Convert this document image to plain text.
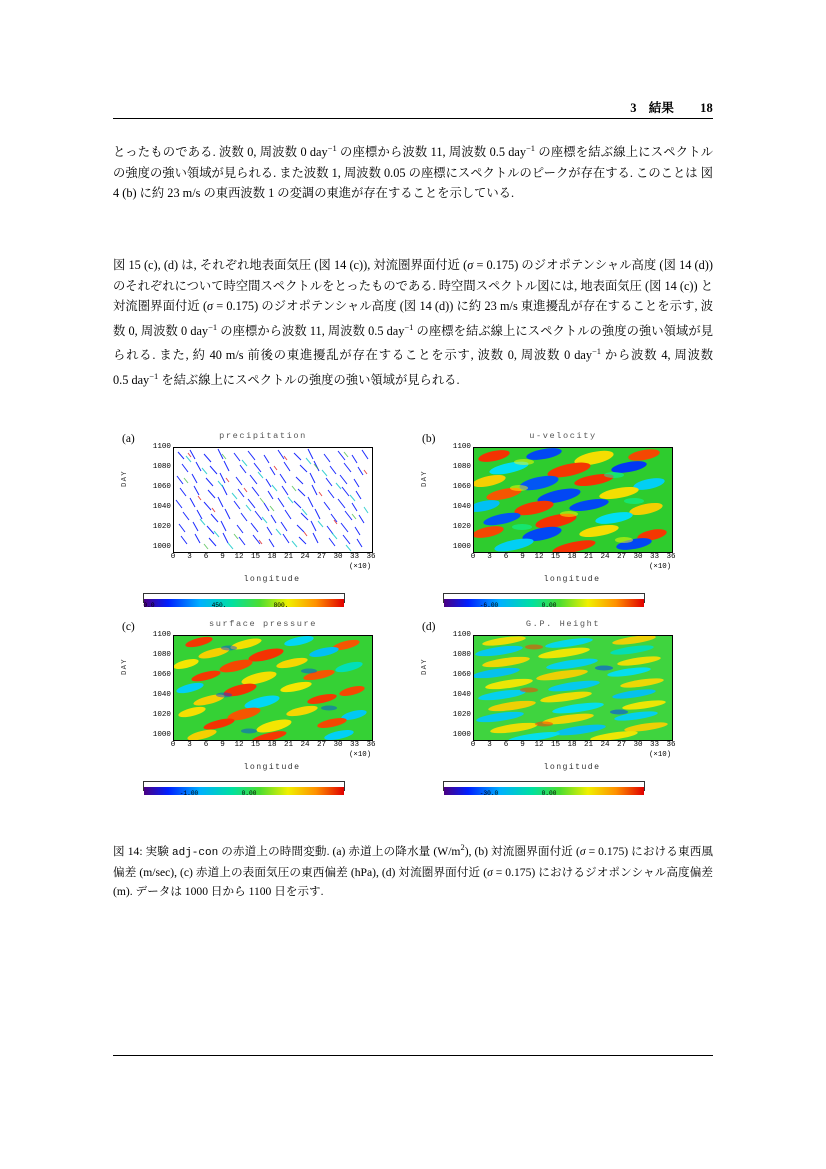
3 結果 18
とったものである. 波数 0, 周波数 0 day$^{-1}$ の座標から波数 11, 周波数 0.5 day$^{-1}$ の座標を結ぶ線上にスペクトルの強度の強い領域が見られる. また波数 1, 周波数 0.05 の座標にスペクトルのピークが存在する. このことは 図 4 (b) に約 23 m/s の東西波数 1 の変調の東進が存在することを示している.
図 15 (c), (d) は, それぞれ地表面気圧 (図 14 (c)), 対流圏界面付近 (σ = 0.175) のジオポテンシャル高度 (図 14 (d)) のそれぞれについて時空間スペクトルをとったものである. 時空間スペクトル図には, 地表面気圧 (図 14 (c)) と対流圏界面付近 (σ = 0.175) のジオポテンシャル高度 (図 14 (d)) に約 23 m/s 東進擾乱が存在することを示す, 波数 0, 周波数 0 day$^{-1}$ の座標から波数 11, 周波数 0.5 day$^{-1}$ の座標を結ぶ線上にスペクトルの強度の強い領域が見られる. また, 約 40 m/s 前後の東進擾乱が存在することを示す, 波数 0, 周波数 0 day$^{-1}$ から波数 4, 周波数 0.5 day$^{-1}$ を結ぶ線上にスペクトルの強度の強い領域が見られる.
(a)	precipitation
1100
1080
1060
1040
1020
1000
DAY
0	3	6	9	12 15 18 21 24 27 30 33 36
(×10)
longitude
0.0	450.	800.
(b)	u-velocity
1100
1080
1060
1040
1020
1000
DAY
0	3	6	9	12 15 18 21 24 27 30 33 36
(×10)
longitude
-6.00	0.00
(c)	surface pressure
1100
1080
1060
1040
1020
1000
DAY
0	3	6	9	12 15 18 21 24 27 30 33 36
(×10)
longitude
-1.00	0.00
(d)	G.P. Height
1100
1080
1060
1040
1020
1000
DAY
0	3	6	9	12 15 18 21 24 27 30 33 36
(×10)
longitude
-30.0	0.00
図 14: 実験 adj-con の赤道上の時間変動. (a) 赤道上の降水量 $(W/m^2)$, (b) 対流圏界面付近 (σ = 0.175) における東西風偏差 (m/sec), (c) 赤道上の表面気圧の東西偏差 (hPa), (d) 対流圏界面付近 (σ = 0.175) におけるジオポンシャル高度偏差 (m). データは 1000 日から 1100 日を示す.
